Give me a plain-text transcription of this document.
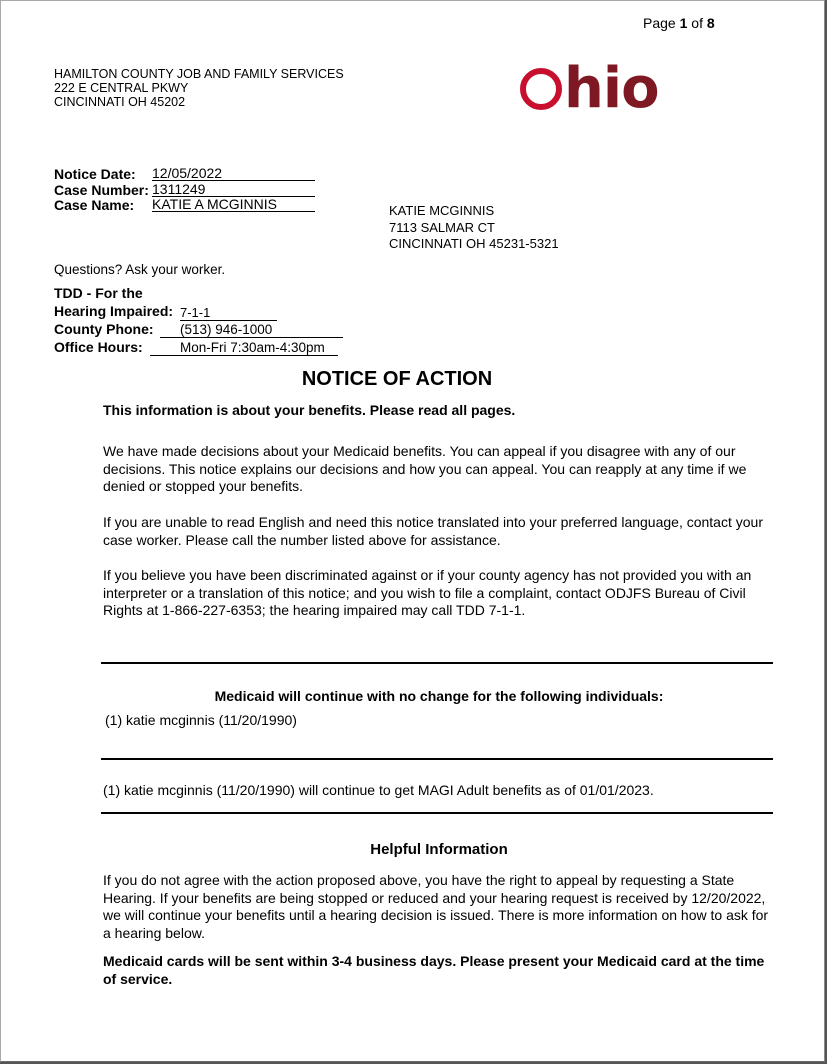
Page 1 of 8
HAMILTON COUNTY JOB AND FAMILY SERVICES
222 E CENTRAL PKWY
CINCINNATI OH 45202	hio
Notice Date: 12/05/2022
Case Number: 1311249
Case Name: KATIE A MCGINNIS	KATIE MCGINNIS
7113 SALMAR CT
CINCINNATI OH 45231-5321
Questions? Ask your worker.
TDD - For the
Hearing Impaired: 7-1-1
County Phone:	(513) 946-1000
Office Hours:	Mon-Fri 7:30am-4:30pm
NOTICE OF ACTION
This information is about your benefits. Please read all pages.
We have made decisions about your Medicaid benefits. You can appeal if you disagree with any of our decisions. This notice explains our decisions and how you can appeal. You can reapply at any time if we denied or stopped your benefits.
If you are unable to read English and need this notice translated into your preferred language, contact your case worker. Please call the number listed above for assistance.
If you believe you have been discriminated against or if your county agency has not provided you with an interpreter or a translation of this notice; and you wish to file a complaint, contact ODJFS Bureau of Civil Rights at 1-866-227-6353; the hearing impaired may call TDD 7-1-1.
Medicaid will continue with no change for the following individuals:
(1) katie mcginnis (11/20/1990)
(1) katie mcginnis (11/20/1990) will continue to get MAGI Adult benefits as of 01/01/2023.
Helpful Information
If you do not agree with the action proposed above, you have the right to appeal by requesting a State Hearing. If your benefits are being stopped or reduced and your hearing request is received by 12/20/2022, we will continue your benefits until a hearing decision is issued. There is more information on how to ask for a hearing below.
Medicaid cards will be sent within 3-4 business days. Please present your Medicaid card at the time of service.
